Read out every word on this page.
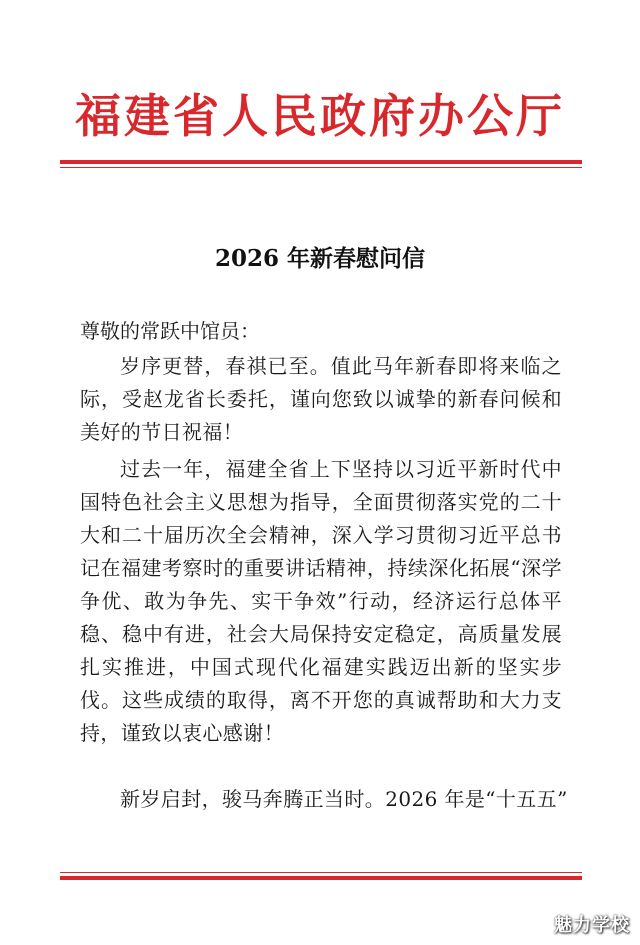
福建省人民政府办公厅
2026 年新春慰问信

尊敬的常跃中馆员：

岁序更替，春祺已至。值此马年新春即将来临之际，受赵龙省长委托，谨向您致以诚挚的新春问候和美好的节日祝福！

过去一年，福建全省上下坚持以习近平新时代中国特色社会主义思想为指导，全面贯彻落实党的二十大和二十届历次全会精神，深入学习贯彻习近平总书记在福建考察时的重要讲话精神，持续深化拓展“深学争优、敢为争先、实干争效”行动，经济运行总体平稳、稳中有进，社会大局保持安定稳定，高质量发展扎实推进，中国式现代化福建实践迈出新的坚实步伐。这些成绩的取得，离不开您的真诚帮助和大力支持，谨致以衷心感谢！

新岁启封，骏马奔腾正当时。2026 年是“十五五”

魅力学校
